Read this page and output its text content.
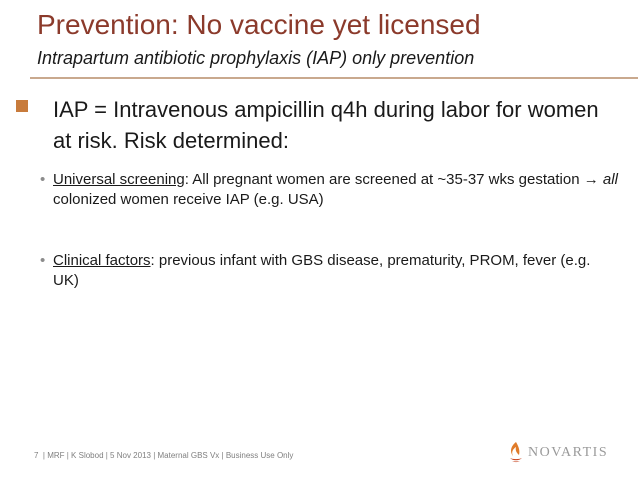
Prevention: No vaccine yet licensed
Intrapartum antibiotic prophylaxis (IAP) only prevention
IAP = Intravenous ampicillin q4h during labor for women at risk. Risk determined:
• Universal screening: All pregnant women are screened at ~35-37 wks gestation → all colonized women receive IAP (e.g. USA)
• Clinical factors: previous infant with GBS disease, prematurity, PROM, fever (e.g. UK)
7 | MRF | K Slobod | 5 Nov 2013 | Maternal GBS Vx | Business Use Only	NOVARTIS
